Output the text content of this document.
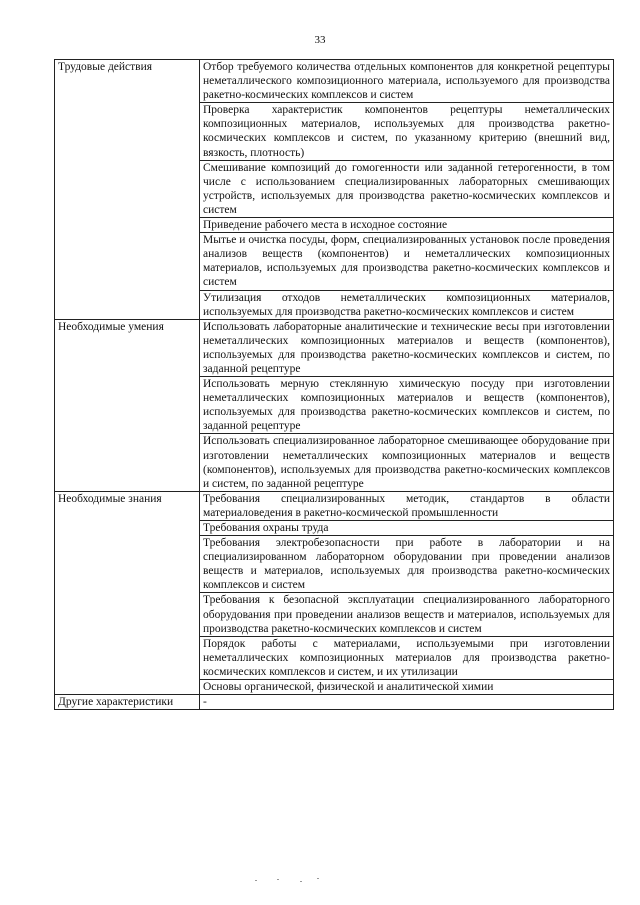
33
Трудовые действия	Отбор требуемого количества отдельных компонентов для конкретной рецептуры неметаллического композиционного материала, используемого для производства ракетно-космических комплексов и систем
	Проверка характеристик компонентов рецептуры неметаллических композиционных материалов, используемых для производства ракетно-космических комплексов и систем, по указанному критерию (внешний вид, вязкость, плотность)
	Смешивание композиций до гомогенности или заданной гетерогенности, в том числе с использованием специализированных лабораторных смешивающих устройств, используемых для производства ракетно-космических комплексов и систем
	Приведение рабочего места в исходное состояние
	Мытье и очистка посуды, форм, специализированных установок после проведения анализов веществ (компонентов) и неметаллических композиционных материалов, используемых для производства ракетно-космических комплексов и систем
	Утилизация отходов неметаллических композиционных материалов, используемых для производства ракетно-космических комплексов и систем
Необходимые умения	Использовать лабораторные аналитические и технические весы при изготовлении неметаллических композиционных материалов и веществ (компонентов), используемых для производства ракетно-космических комплексов и систем, по заданной рецептуре
	Использовать мерную стеклянную химическую посуду при изготовлении неметаллических композиционных материалов и веществ (компонентов), используемых для производства ракетно-космических комплексов и систем, по заданной рецептуре
	Использовать специализированное лабораторное смешивающее оборудование при изготовлении неметаллических композиционных материалов и веществ (компонентов), используемых для производства ракетно-космических комплексов и систем, по заданной рецептуре
Необходимые знания	Требования специализированных методик, стандартов в области материаловедения в ракетно-космической промышленности
	Требования охраны труда
	Требования электробезопасности при работе в лаборатории и на специализированном лабораторном оборудовании при проведении анализов веществ и материалов, используемых для производства ракетно-космических комплексов и систем
	Требования к безопасной эксплуатации специализированного лабораторного оборудования при проведении анализов веществ и материалов, используемых для производства ракетно-космических комплексов и систем
	Порядок работы с материалами, используемыми при изготовлении неметаллических композиционных материалов для производства ракетно-космических комплексов и систем, и их утилизации
	Основы органической, физической и аналитической химии
Другие характеристики	-
